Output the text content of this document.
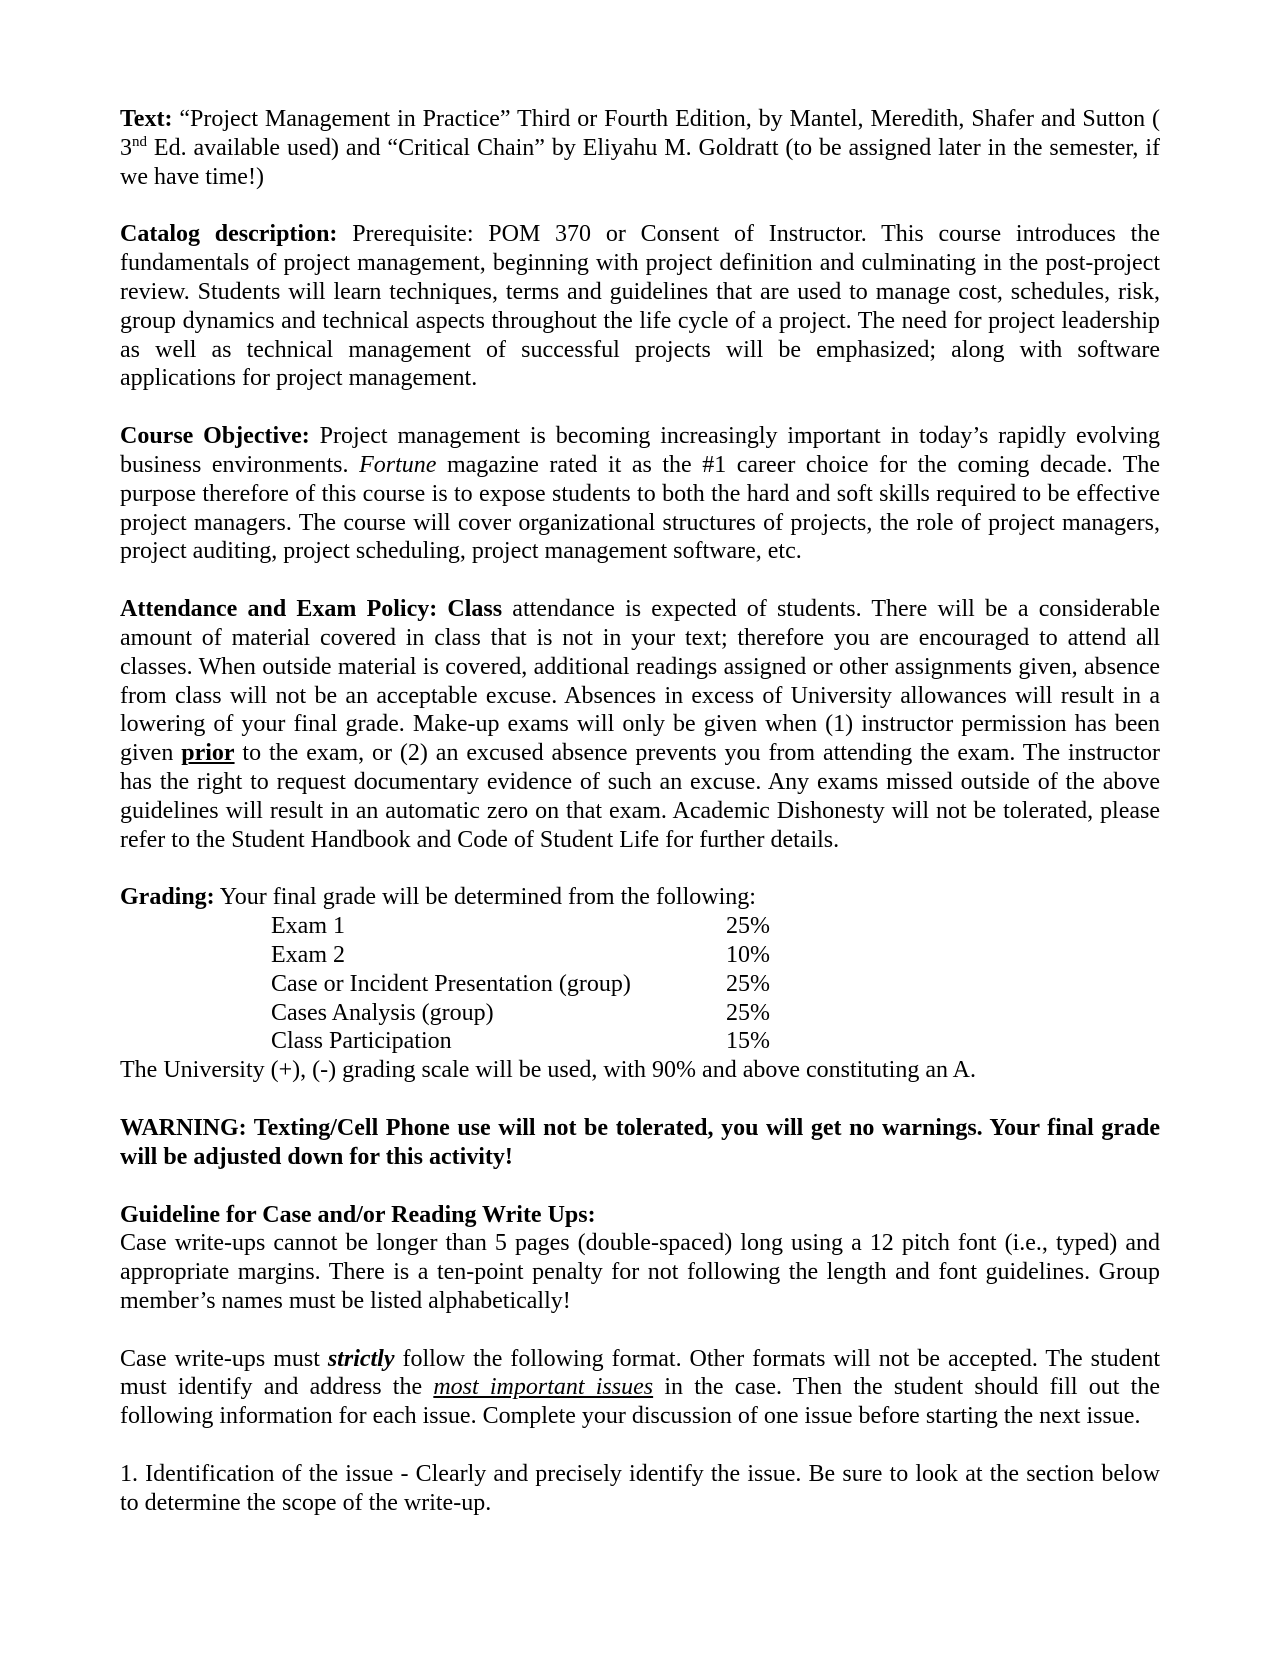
Text: “Project Management in Practice” Third or Fourth Edition, by Mantel, Meredith, Shafer and Sutton ( 3nd Ed. available used) and “Critical Chain” by Eliyahu M. Goldratt (to be assigned later in the semester, if we have time!)

Catalog description: Prerequisite: POM 370 or Consent of Instructor. This course introduces the fundamentals of project management, beginning with project definition and culminating in the post-project review. Students will learn techniques, terms and guidelines that are used to manage cost, schedules, risk, group dynamics and technical aspects throughout the life cycle of a project. The need for project leadership as well as technical management of successful projects will be emphasized; along with software applications for project management.

Course Objective: Project management is becoming increasingly important in today’s rapidly evolving business environments. Fortune magazine rated it as the #1 career choice for the coming decade. The purpose therefore of this course is to expose students to both the hard and soft skills required to be effective project managers. The course will cover organizational structures of projects, the role of project managers, project auditing, project scheduling, project management software, etc.

Attendance and Exam Policy: Class attendance is expected of students. There will be a considerable amount of material covered in class that is not in your text; therefore you are encouraged to attend all classes. When outside material is covered, additional readings assigned or other assignments given, absence from class will not be an acceptable excuse. Absences in excess of University allowances will result in a lowering of your final grade. Make-up exams will only be given when (1) instructor permission has been given prior to the exam, or (2) an excused absence prevents you from attending the exam. The instructor has the right to request documentary evidence of such an excuse. Any exams missed outside of the above guidelines will result in an automatic zero on that exam. Academic Dishonesty will not be tolerated, please refer to the Student Handbook and Code of Student Life for further details.

Grading: Your final grade will be determined from the following:
Exam 1	25%
Exam 2	10%
Case or Incident Presentation (group)	25%
Cases Analysis (group)	25%
Class Participation	15%
The University (+), (-) grading scale will be used, with 90% and above constituting an A.

WARNING: Texting/Cell Phone use will not be tolerated, you will get no warnings. Your final grade will be adjusted down for this activity!

Guideline for Case and/or Reading Write Ups:
Case write-ups cannot be longer than 5 pages (double-spaced) long using a 12 pitch font (i.e., typed) and appropriate margins. There is a ten-point penalty for not following the length and font guidelines. Group member’s names must be listed alphabetically!

Case write-ups must strictly follow the following format. Other formats will not be accepted. The student must identify and address the most important issues in the case. Then the student should fill out the following information for each issue. Complete your discussion of one issue before starting the next issue.

1. Identification of the issue - Clearly and precisely identify the issue. Be sure to look at the section below to determine the scope of the write-up.
